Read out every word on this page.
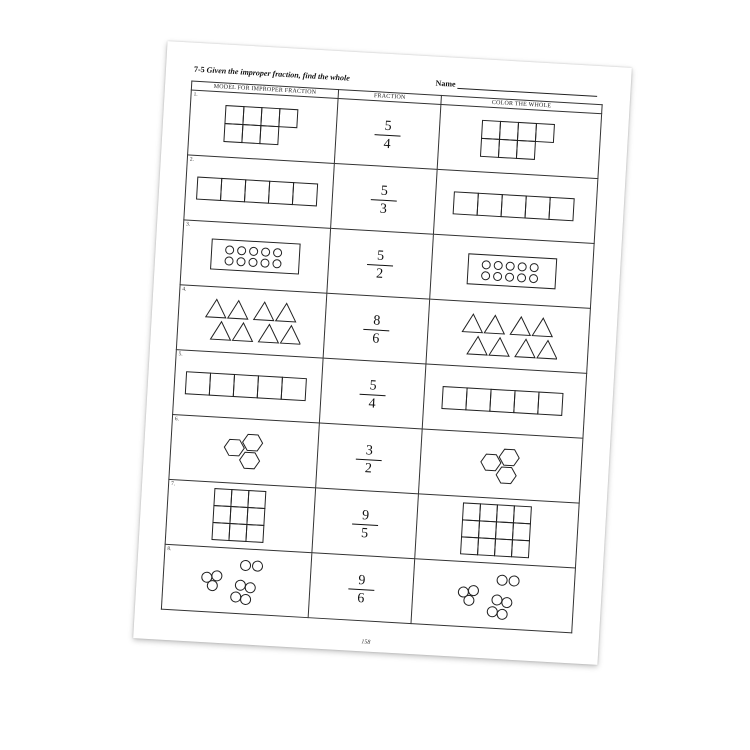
7-5 Given the improper fraction, find the whole
Name
MODEL FOR IMPROPER FRACTION	FRACTION	COLOR THE WHOLE

1.	$\frac{5}{4}$

2.	$\frac{5}{3}$

3.	$\frac{5}{2}$

4.	$\frac{8}{6}$

5.	$\frac{5}{4}$

6.	$\frac{3}{2}$

7.	$\frac{9}{5}$

8.	$\frac{9}{6}$

158
